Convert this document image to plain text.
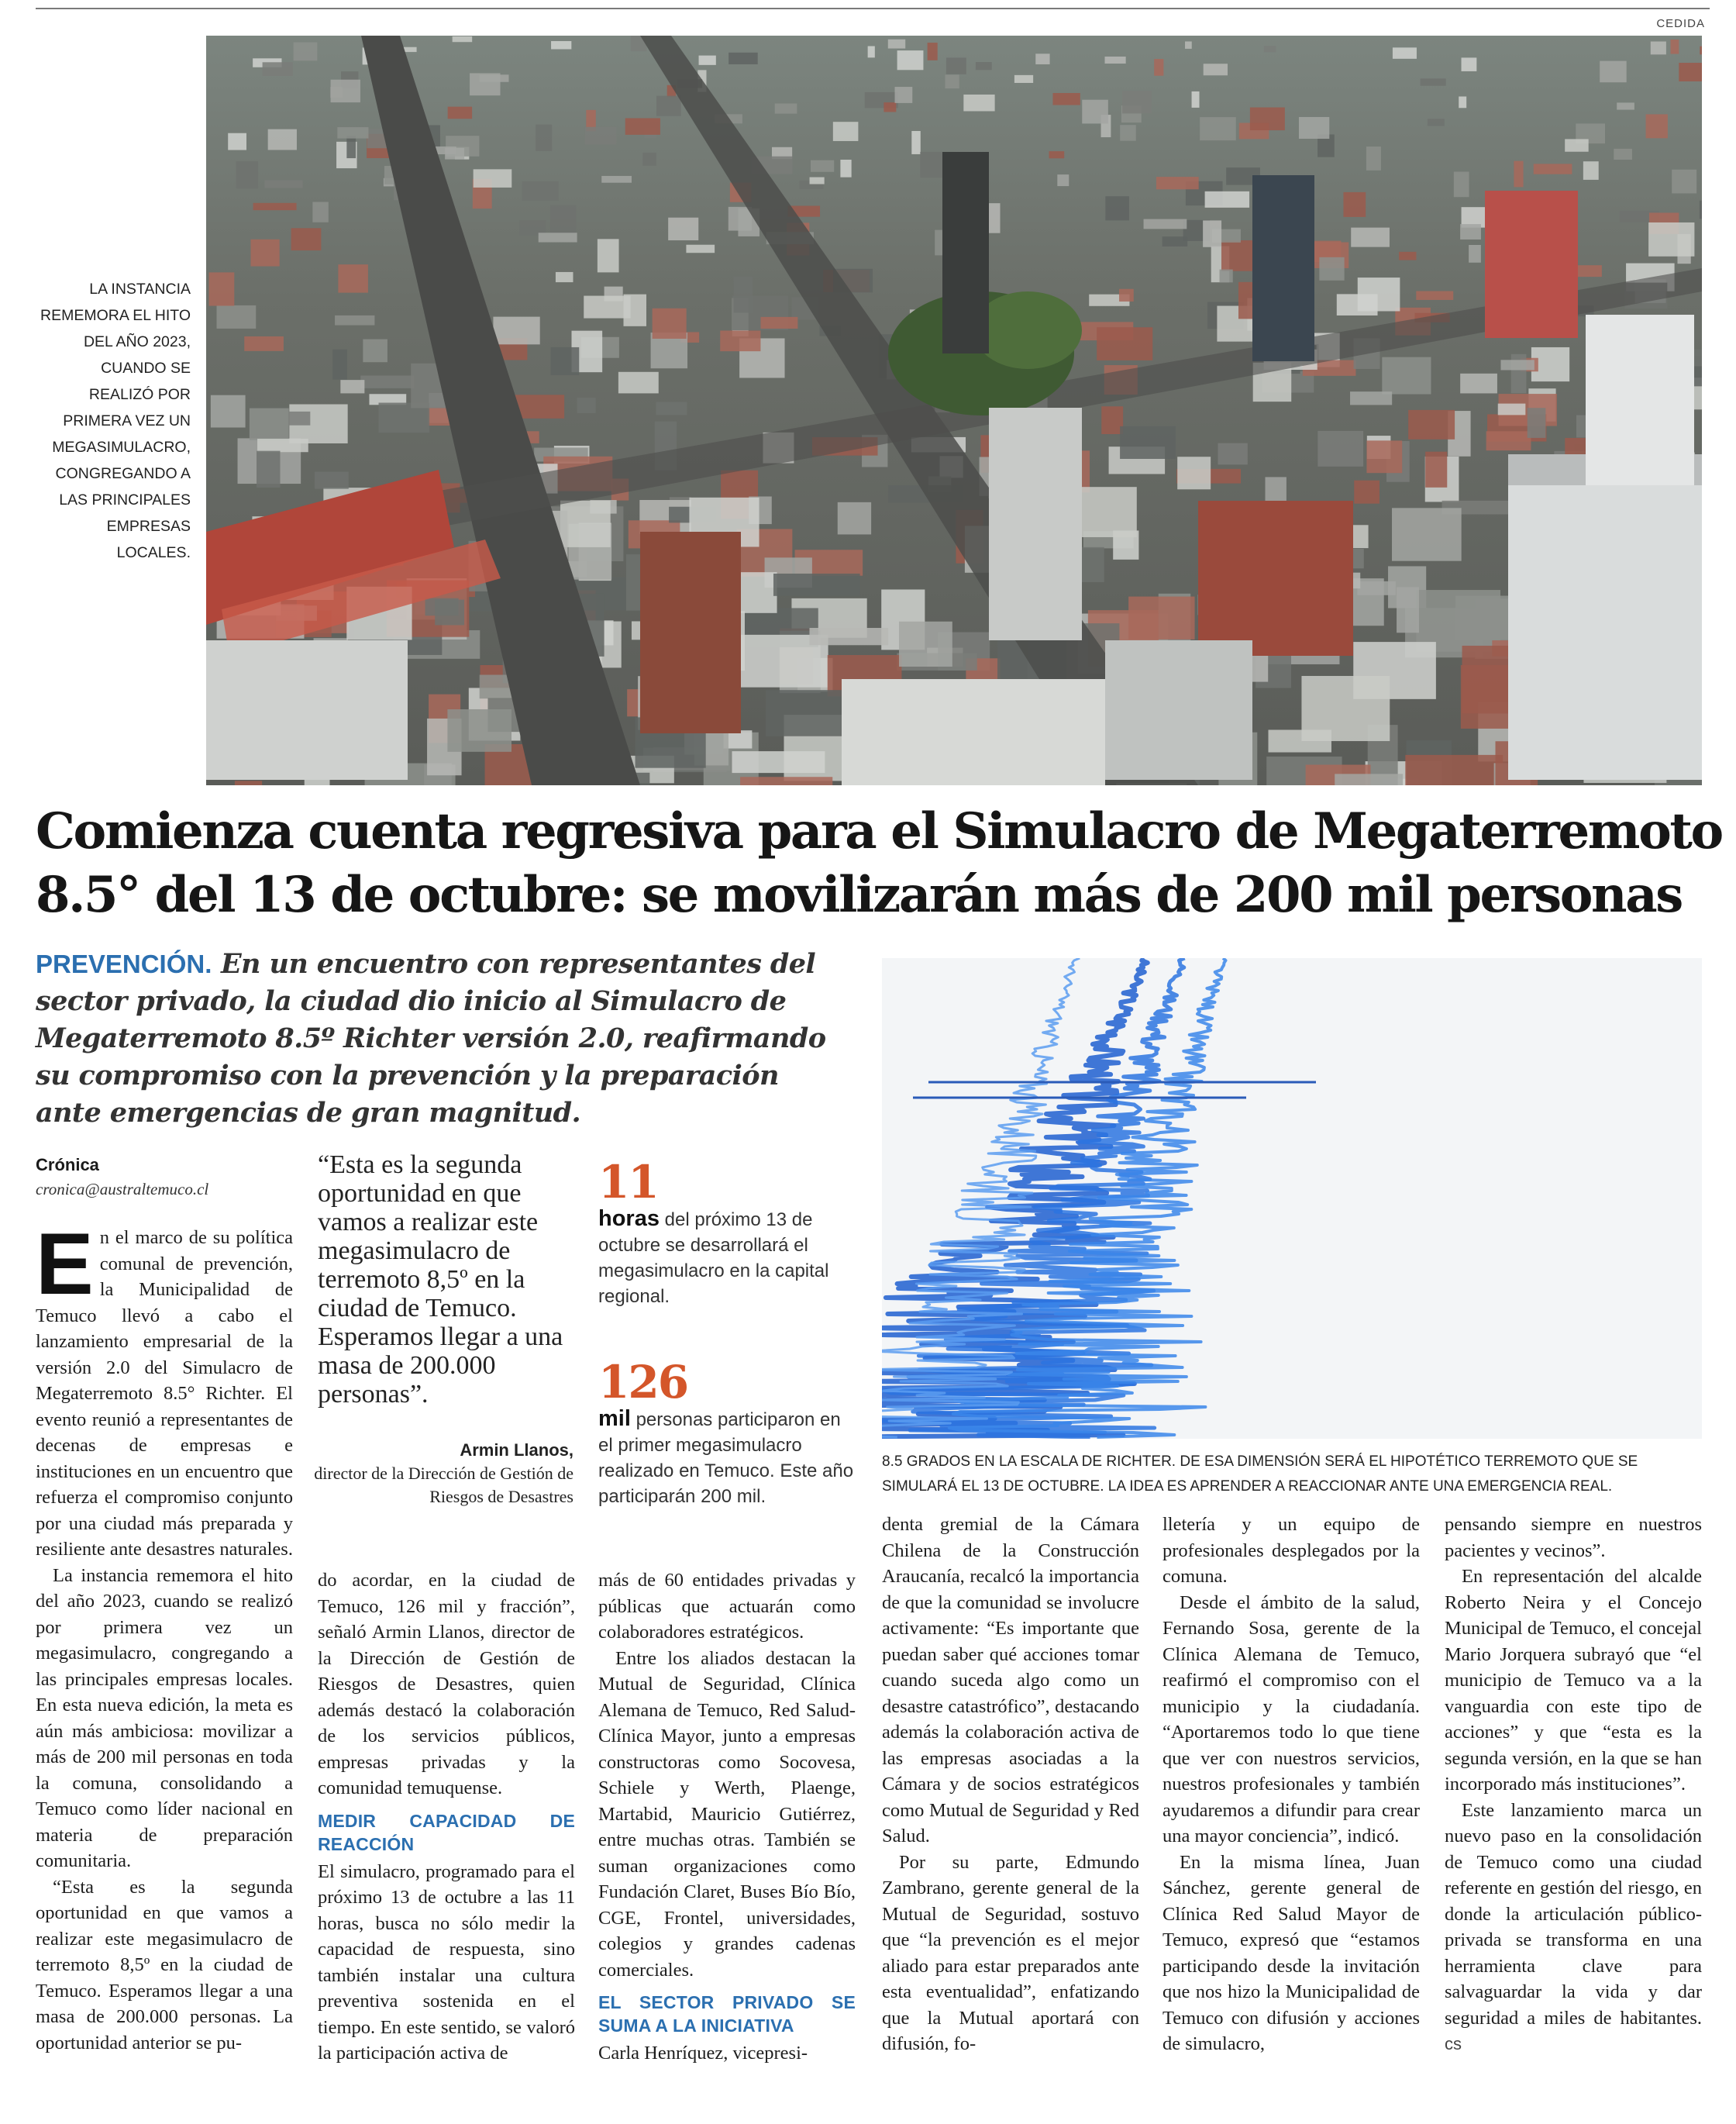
CEDIDA
LA INSTANCIA REMEMORA EL HITO DEL AÑO 2023, CUANDO SE REALIZÓ POR PRIMERA VEZ UN MEGASIMULACRO, CONGREGANDO A LAS PRINCIPALES EMPRESAS LOCALES.
Comienza cuenta regresiva para el Simulacro de Megaterremoto
8.5° del 13 de octubre: se movilizarán más de 200 mil personas
PREVENCIÓN. En un encuentro con representantes del sector privado, la ciudad dio inicio al Simulacro de Megaterremoto 8.5º Richter versión 2.0, reafirmando su compromiso con la prevención y la preparación ante emergencias de gran magnitud.
8.5 GRADOS EN LA ESCALA DE RICHTER. DE ESA DIMENSIÓN SERÁ EL HIPOTÉTICO TERREMOTO QUE SE SIMULARÁ EL 13 DE OCTUBRE. LA IDEA ES APRENDER A REACCIONAR ANTE UNA EMERGENCIA REAL.
Crónica
cronica@australtemuco.cl

En el marco de su política comunal de prevención, la Municipalidad de Temuco llevó a cabo el lanzamiento empresarial de la versión 2.0 del Simulacro de Megaterremoto 8.5° Richter. El evento reunió a representantes de decenas de empresas e instituciones en un encuentro que refuerza el compromiso conjunto por una ciudad más preparada y resiliente ante desastres naturales.

La instancia rememora el hito del año 2023, cuando se realizó por primera vez un megasimulacro, congregando a las principales empresas locales. En esta nueva edición, la meta es aún más ambiciosa: movilizar a más de 200 mil personas en toda la comuna, consolidando a Temuco como líder nacional en materia de preparación comunitaria.

“Esta es la segunda oportunidad en que vamos a realizar este megasimulacro de terremoto 8,5º en la ciudad de Temuco. Esperamos llegar a una masa de 200.000 personas. La oportunidad anterior se pu-

“Esta es la segunda oportunidad en que vamos a realizar este megasimulacro de terremoto 8,5º en la ciudad de Temuco. Esperamos llegar a una masa de 200.000 personas”.
Armin Llanos,
director de la Dirección de Gestión de Riesgos de Desastres
11
horas del próximo 13 de octubre se desarrollará el megasimulacro en la capital regional.
126
mil personas participaron en el primer megasimulacro realizado en Temuco. Este año participarán 200 mil.

do acordar, en la ciudad de Temuco, 126 mil y fracción”, señaló Armin Llanos, director de la Dirección de Gestión de Riesgos de Desastres, quien además destacó la colaboración de los servicios públicos, empresas privadas y la comunidad temuquense.

MEDIR CAPACIDAD DE REACCIÓN

El simulacro, programado para el próximo 13 de octubre a las 11 horas, busca no sólo medir la capacidad de respuesta, sino también instalar una cultura preventiva sostenida en el tiempo. En este sentido, se valoró la participación activa de

más de 60 entidades privadas y públicas que actuarán como colaboradores estratégicos.

Entre los aliados destacan la Mutual de Seguridad, Clínica Alemana de Temuco, Red Salud-Clínica Mayor, junto a empresas constructoras como Socovesa, Schiele y Werth, Plaengе, Martabid, Mauricio Gutiérrez, entre muchas otras. También se suman organizaciones como Fundación Claret, Buses Bío Bío, CGE, Frontel, universidades, colegios y grandes cadenas comerciales.

EL SECTOR PRIVADO SE SUMA A LA INICIATIVA

Carla Henríquez, vicepresi-

denta gremial de la Cámara Chilena de la Construcción Araucanía, recalcó la importancia de que la comunidad se involucre activamente: “Es importante que puedan saber qué acciones tomar cuando suceda algo como un desastre catastrófico”, destacando además la colaboración activa de las empresas asociadas a la Cámara y de socios estratégicos como Mutual de Seguridad y Red Salud.

Por su parte, Edmundo Zambrano, gerente general de la Mutual de Seguridad, sostuvo que “la prevención es el mejor aliado para estar preparados ante esta eventualidad”, enfatizando que la Mutual aportará con difusión, fo-

lletería y un equipo de profesionales desplegados por la comuna.

Desde el ámbito de la salud, Fernando Sosa, gerente de la Clínica Alemana de Temuco, reafirmó el compromiso con el municipio y la ciudadanía. “Aportaremos todo lo que tiene que ver con nuestros servicios, nuestros profesionales y también ayudaremos a difundir para crear una mayor conciencia”, indicó.

En la misma línea, Juan Sánchez, gerente general de Clínica Red Salud Mayor de Temuco, expresó que “estamos participando desde la invitación que nos hizo la Municipalidad de Temuco con difusión y acciones de simulacro,

pensando siempre en nuestros pacientes y vecinos”.

En representación del alcalde Roberto Neira y el Concejo Municipal de Temuco, el concejal Mario Jorquera subrayó que “el municipio de Temuco va a la vanguardia con este tipo de acciones” y que “esta es la segunda versión, en la que se han incorporado más instituciones”.

Este lanzamiento marca un nuevo paso en la consolidación de Temuco como una ciudad referente en gestión del riesgo, en donde la articulación público-privada se transforma en una herramienta clave para salvaguardar la vida y dar seguridad a miles de habitantes. cs
